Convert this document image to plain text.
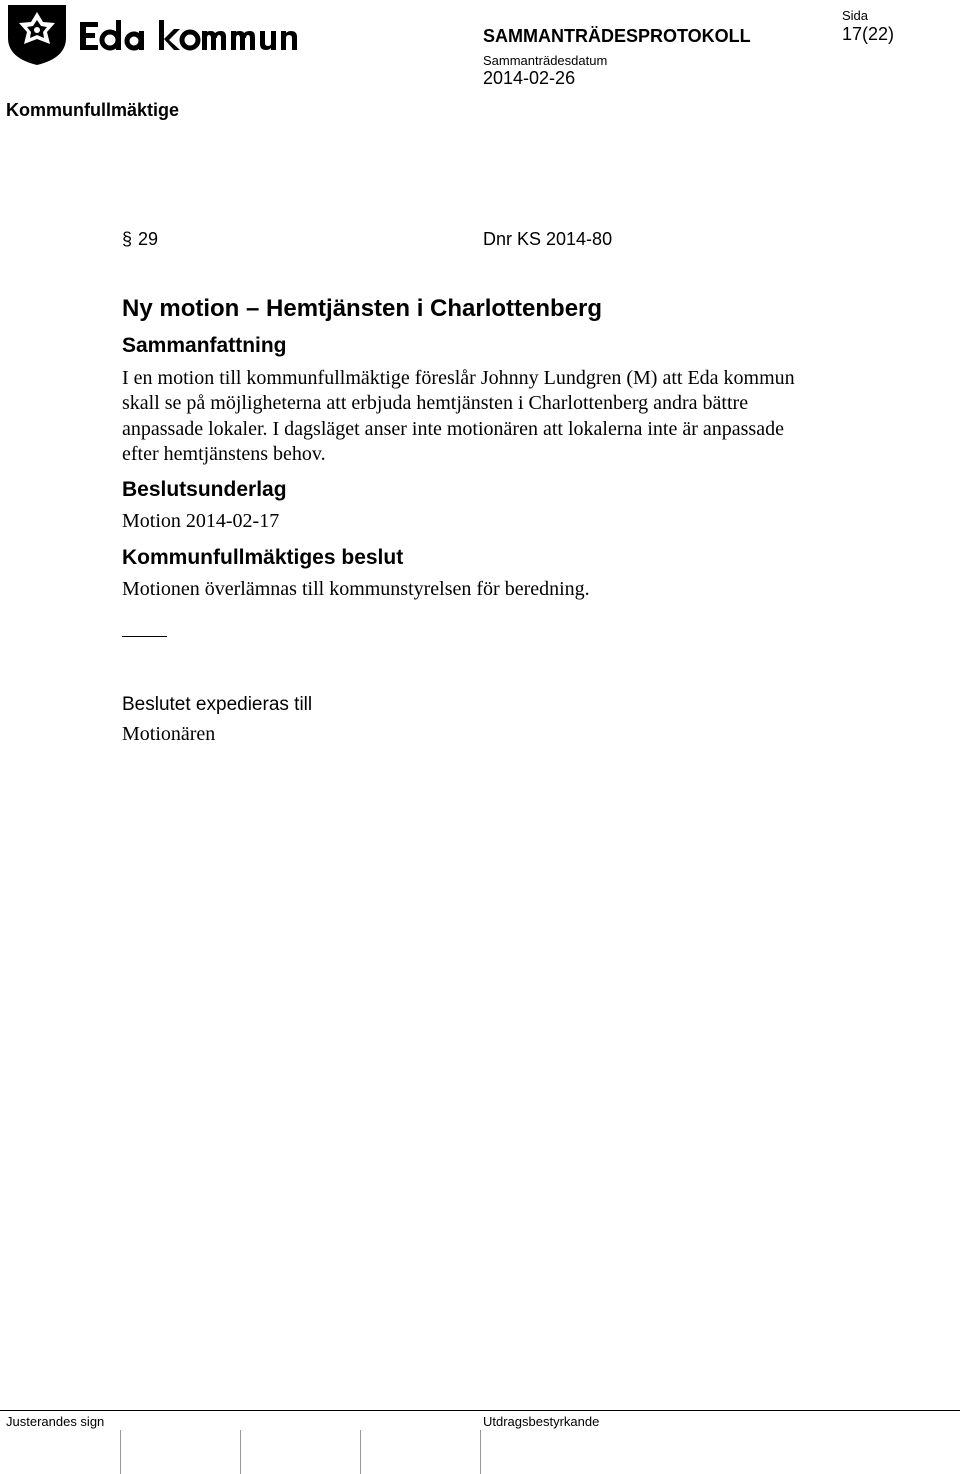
Sida
17(22)
SAMMANTRÄDESPROTOKOLL
Sammanträdesdatum
2014-02-26
Kommunfullmäktige
§ 29	Dnr KS 2014-80
Ny motion – Hemtjänsten i Charlottenberg
Sammanfattning
I en motion till kommunfullmäktige föreslår Johnny Lundgren (M) att Eda kommun skall se på möjligheterna att erbjuda hemtjänsten i Charlottenberg andra bättre anpassade lokaler. I dagsläget anser inte motionären att lokalerna inte är anpassade efter hemtjänstens behov.
Beslutsunderlag
Motion 2014-02-17
Kommunfullmäktiges beslut
Motionen överlämnas till kommunstyrelsen för beredning.
Beslutet expedieras till
Motionären
Justerandes sign	Utdragsbestyrkande
